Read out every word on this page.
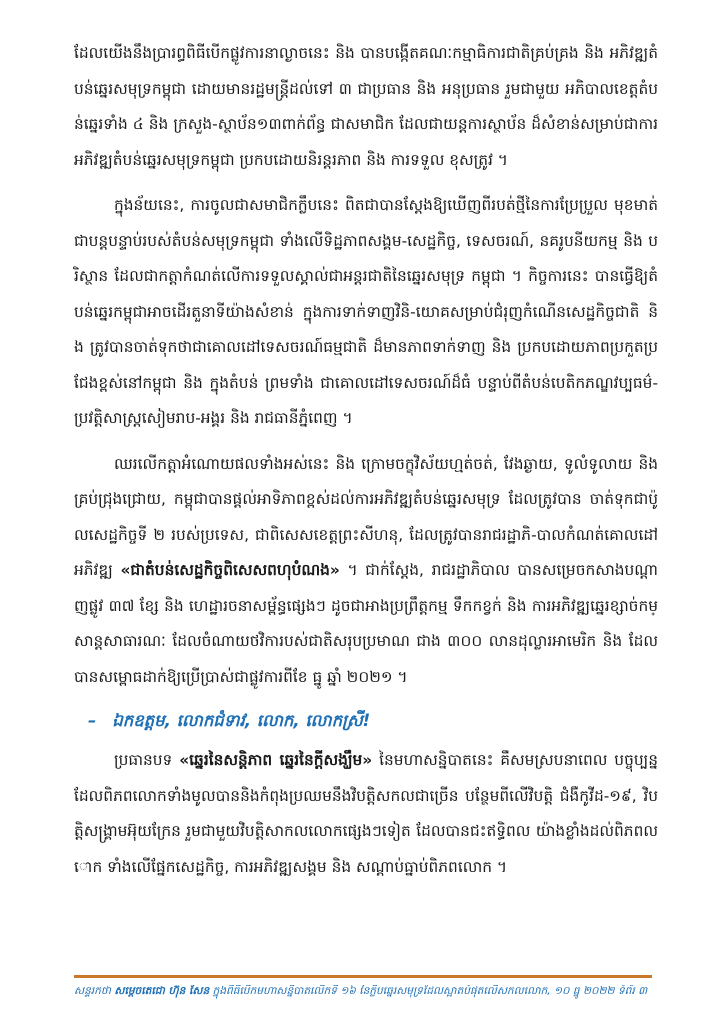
ដែលយើងនឹងប្រារព្ធពិធីបើកផ្លូវការនាល្ងាចនេះ និង បានបង្កើតគណៈកម្មាធិការជាតិគ្រប់គ្រង និង អភិវឌ្ឍតំបន់ឆ្នេរសមុទ្រកម្ពុជា ដោយមានរដ្ឋមន្ត្រីដល់ទៅ ៣ ជាប្រធាន និង អនុប្រធាន រួមជាមួយ អភិបាលខេត្តតំបន់ឆ្នេរទាំង ៤ និង ក្រសួង-ស្ថាប័ន១៣ពាក់ព័ន្ធ ជាសមាជិក ដែលជាយន្តការស្ថាប័ន ដ៏សំខាន់សម្រាប់ជាការអភិវឌ្ឍតំបន់ឆ្នេរសមុទ្រកម្ពុជា ប្រកបដោយនិរន្តរភាព និង ការទទួល ខុសត្រូវ ។

ក្នុងន័យនេះ, ការចូលជាសមាជិកក្លឹបនេះ ពិតជាបានស្តែងឱ្យឃើញពីរបត់ថ្មីនៃការប្រែប្រួល មុខមាត់ជាបន្តបន្ទាប់របស់តំបន់សមុទ្រកម្ពុជា ទាំងលើទិដ្ឋភាពសង្គម-សេដ្ឋកិច្ច, ទេសចរណ៍, នគរូបនីយកម្ម និង បរិស្ថាន ដែលជាកត្តាកំណត់លើការទទួលស្គាល់ជាអន្តរជាតិនៃឆ្នេរសមុទ្រ កម្ពុជា ។ កិច្ចការនេះ បានធ្វើឱ្យតំបន់ឆ្នេរកម្ពុជាអាចដើរតួនាទីយ៉ាងសំខាន់ ក្នុងការទាក់ទាញវិនិ-យោគសម្រាប់ជំរុញកំណើនសេដ្ឋកិច្ចជាតិ និង ត្រូវបានចាត់ទុកថាជាគោលដៅទេសចរណ៍ធម្មជាតិ ដ៏មានភាពទាក់ទាញ និង ប្រកបដោយភាពប្រកួតប្រជែងខ្ពស់នៅកម្ពុជា និង ក្នុងតំបន់ ព្រមទាំង ជាគោលដៅទេសចរណ៍ដ៏ធំ បន្ទាប់ពីតំបន់បេតិកភណ្ឌវប្បធម៌-ប្រវត្តិសាស្ត្រសៀមរាប-អង្គរ និង រាជធានីភ្នំពេញ ។

ឈរលើកត្តាអំណោយផលទាំងអស់នេះ និង ក្រោមចក្ខុវិស័យហ្មត់ចត់, វែងឆ្ងាយ, ទូលំទូលាយ និង គ្រប់ជ្រុងជ្រោយ, កម្ពុជាបានផ្តល់អាទិភាពខ្ពស់ដល់ការអភិវឌ្ឍតំបន់ឆ្នេរសមុទ្រ ដែលត្រូវបាន ចាត់ទុកជាប៉ូលសេដ្ឋកិច្ចទី ២ របស់ប្រទេស, ជាពិសេសខេត្តព្រះសីហនុ, ដែលត្រូវបានរាជរដ្ឋាភិ-បាលកំណត់គោលដៅអភិវឌ្ឍ «ជាតំបន់សេដ្ឋកិច្ចពិសេសពហុបំណង» ។ ជាក់ស្តែង, រាជរដ្ឋាភិបាល បានសម្រេចកសាងបណ្តាញផ្លូវ ៣៧ ខ្សែ និង ហេដ្ឋារចនាសម្ព័ន្ធផ្សេងៗ ដូចជាអាងប្រព្រឹត្តកម្ម ទឹកកខ្វក់ និង ការអភិវឌ្ឍឆ្នេរខ្សាច់កម្សាន្តសាធារណៈ ដែលចំណាយថវិការបស់ជាតិសរុបប្រមាណ ជាង ៣០០ លានដុល្លារអាមេរិក និង ដែលបានសម្ពោធដាក់ឱ្យប្រើប្រាស់ជាផ្លូវការពីខែ ធ្នូ ឆ្នាំ ២០២១ ។

– ឯកឧត្តម, លោកជំទាវ, លោក, លោកស្រី!

ប្រធានបទ «ឆ្នេរនៃសន្តិភាព ឆ្នេរនៃក្តីសង្ឃឹម» នៃមហាសន្និបាតនេះ គឺសមស្របនាពេល បច្ចុប្បន្ន ដែលពិភពលោកទាំងមូលបាននិងកំពុងប្រឈមនឹងវិបត្តិសកលជាច្រើន បន្ថែមពីលើវិបត្តិ ជំងឺកូវីដ-១៩, វិបត្តិសង្គ្រាមអ៊ុយក្រែន រួមជាមួយវិបត្តិសាកលលោកផ្សេងៗទៀត ដែលបានជះឥទ្ធិពល យ៉ាងខ្លាំងដល់ពិភពលោក ទាំងលើផ្នែកសេដ្ឋកិច្ច, ការអភិវឌ្ឍសង្គម និង សណ្តាប់ធ្នាប់ពិភពលោក ។

សន្ទរកថា សម្តេចតេជោ ហ៊ុន សែន ក្នុងពិធីបើកមហាសន្និបាតលើកទី ១៦ នៃក្លឹបឆ្នេរសមុទ្រដែលស្អាតបំផុតលើសកលលោក, ១០ ធ្នូ ២០២២ ទំព័រ ៣
